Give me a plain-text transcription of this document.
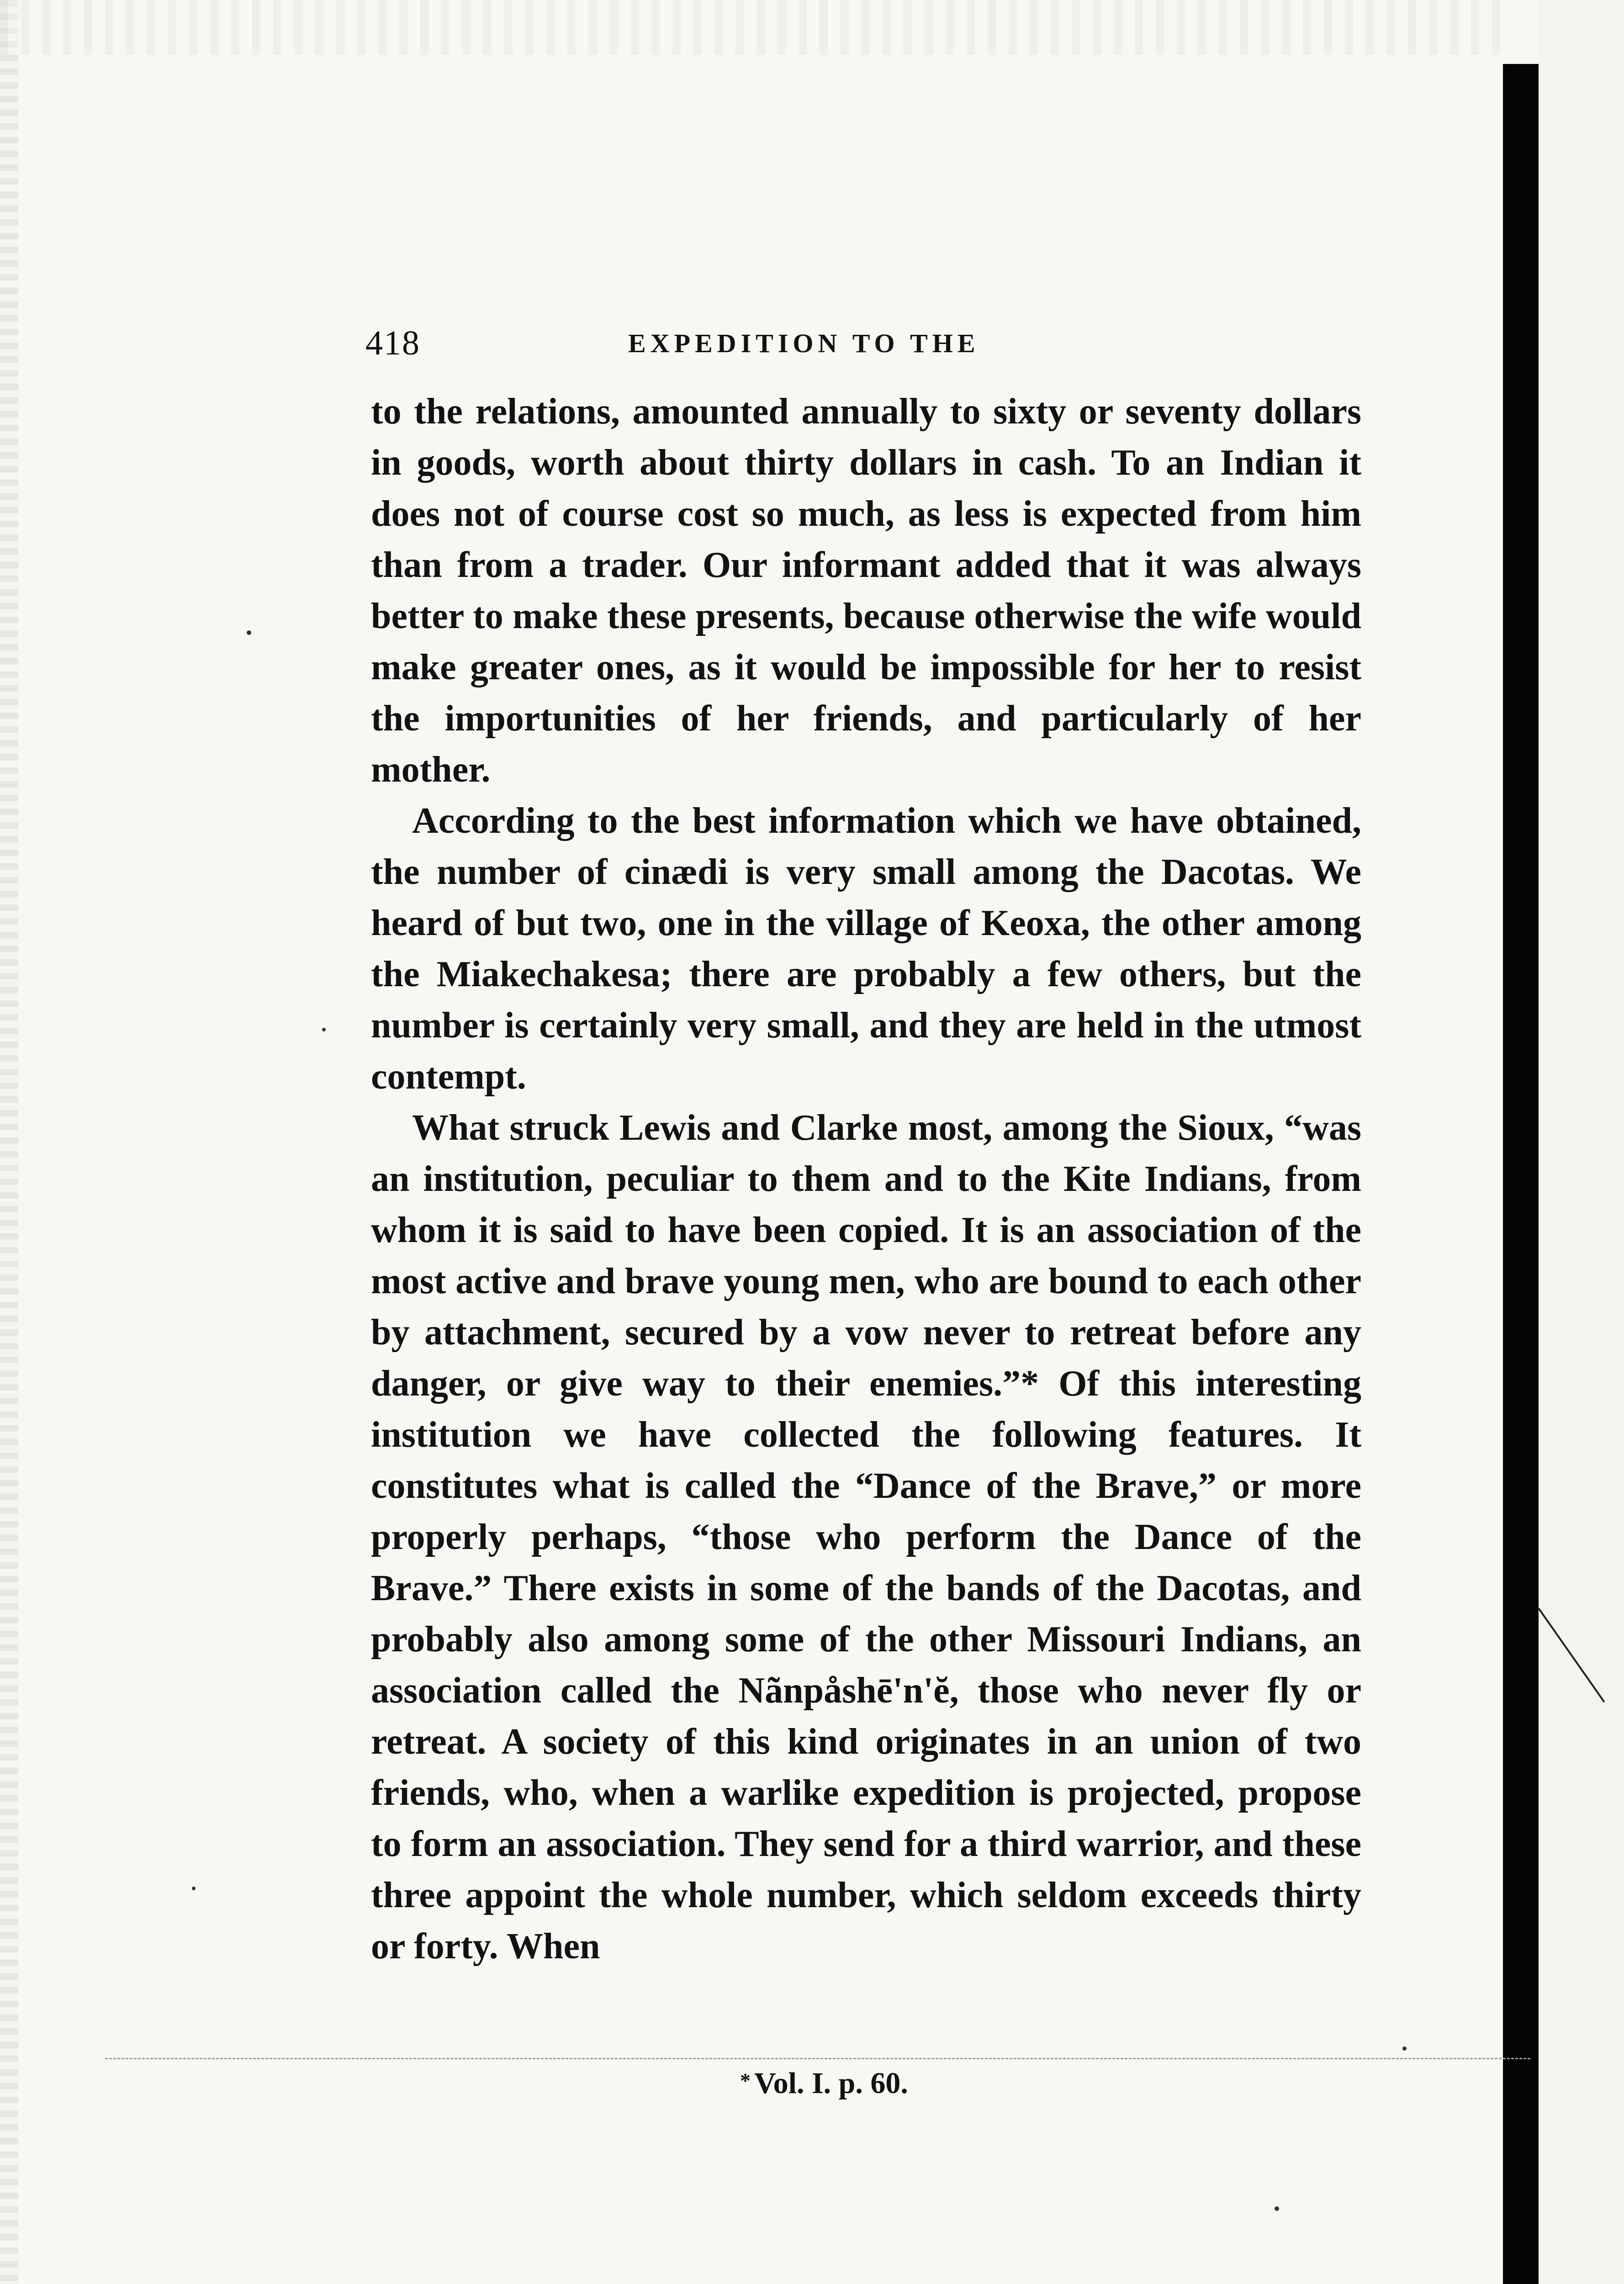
418	EXPEDITION TO THE

to the relations, amounted annually to sixty or seventy dollars in goods, worth about thirty dollars in cash. To an Indian it does not of course cost so much, as less is expected from him than from a trader. Our informant added that it was always better to make these presents, because otherwise the wife would make greater ones, as it would be impossible for her to resist the importunities of her friends, and particularly of her mother.

According to the best information which we have obtained, the number of cinædi is very small among the Dacotas. We heard of but two, one in the village of Keoxa, the other among the Miakechakesa; there are probably a few others, but the number is certainly very small, and they are held in the utmost contempt.

What struck Lewis and Clarke most, among the Sioux, “was an institution, peculiar to them and to the Kite Indians, from whom it is said to have been copied. It is an association of the most active and brave young men, who are bound to each other by attachment, secured by a vow never to retreat before any danger, or give way to their enemies.”* Of this interesting institution we have collected the following features. It constitutes what is called the “Dance of the Brave,” or more properly perhaps, “those who perform the Dance of the Brave.” There exists in some of the bands of the Dacotas, and probably also among some of the other Missouri Indians, an association called the Nãnpåshē'n'ĕ, those who never fly or retreat. A society of this kind originates in an union of two friends, who, when a warlike expedition is projected, propose to form an association. They send for a third warrior, and these three appoint the whole number, which seldom exceeds thirty or forty. When

* Vol. I. p. 60.
